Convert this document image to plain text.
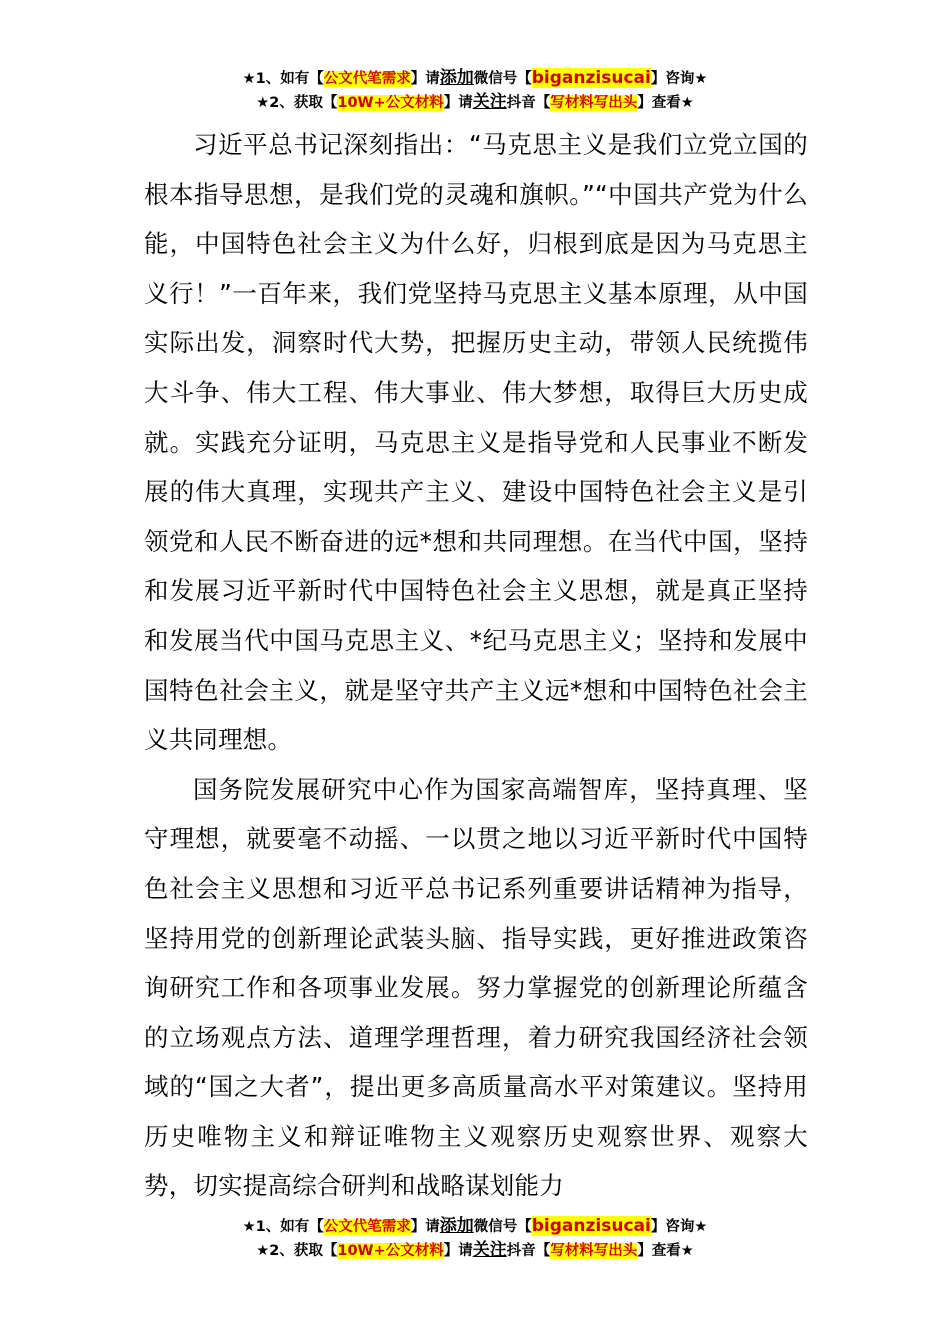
★1、如有【公文代笔需求】请添加微信号【biganzisucai】咨询★
★2、获取【10W+公文材料】请关注抖音【写材料写出头】查看★

习近平总书记深刻指出：“马克思主义是我们立党立国的根本指导思想，是我们党的灵魂和旗帜。”“中国共产党为什么能，中国特色社会主义为什么好，归根到底是因为马克思主义行！”一百年来，我们党坚持马克思主义基本原理，从中国实际出发，洞察时代大势，把握历史主动，带领人民统揽伟大斗争、伟大工程、伟大事业、伟大梦想，取得巨大历史成就。实践充分证明，马克思主义是指导党和人民事业不断发展的伟大真理，实现共产主义、建设中国特色社会主义是引领党和人民不断奋进的远*想和共同理想。在当代中国，坚持和发展习近平新时代中国特色社会主义思想，就是真正坚持和发展当代中国马克思主义、*纪马克思主义；坚持和发展中国特色社会主义，就是坚守共产主义远*想和中国特色社会主义共同理想。

国务院发展研究中心作为国家高端智库，坚持真理、坚守理想，就要毫不动摇、一以贯之地以习近平新时代中国特色社会主义思想和习近平总书记系列重要讲话精神为指导，坚持用党的创新理论武装头脑、指导实践，更好推进政策咨询研究工作和各项事业发展。努力掌握党的创新理论所蕴含的立场观点方法、道理学理哲理，着力研究我国经济社会领域的“国之大者”，提出更多高质量高水平对策建议。坚持用历史唯物主义和辩证唯物主义观察历史观察世界、观察大势，切实提高综合研判和战略谋划能力

★1、如有【公文代笔需求】请添加微信号【biganzisucai】咨询★
★2、获取【10W+公文材料】请关注抖音【写材料写出头】查看★
